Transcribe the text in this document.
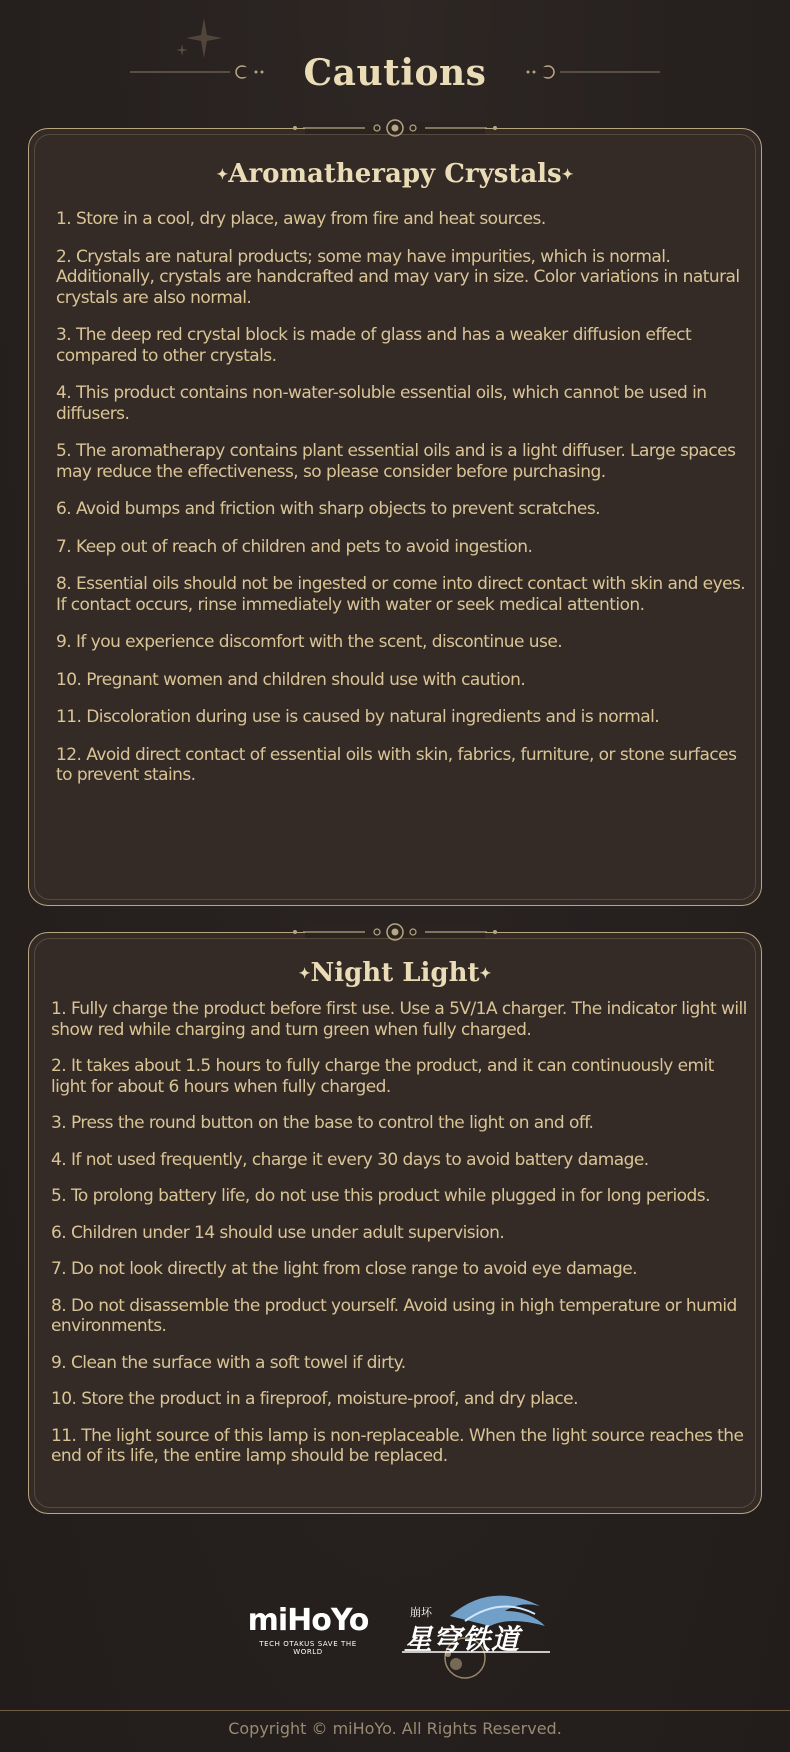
Cautions
✦Aromatherapy Crystals✦
1. Store in a cool, dry place, away from fire and heat sources.
2. Crystals are natural products; some may have impurities, which is normal. Additionally, crystals are handcrafted and may vary in size. Color variations in natural crystals are also normal.
3. The deep red crystal block is made of glass and has a weaker diffusion effect compared to other crystals.
4. This product contains non-water-soluble essential oils, which cannot be used in diffusers.
5. The aromatherapy contains plant essential oils and is a light diffuser. Large spaces may reduce the effectiveness, so please consider before purchasing.
6. Avoid bumps and friction with sharp objects to prevent scratches.
7. Keep out of reach of children and pets to avoid ingestion.
8. Essential oils should not be ingested or come into direct contact with skin and eyes. If contact occurs, rinse immediately with water or seek medical attention.
9. If you experience discomfort with the scent, discontinue use.
10. Pregnant women and children should use with caution.
11. Discoloration during use is caused by natural ingredients and is normal.
12. Avoid direct contact of essential oils with skin, fabrics, furniture, or stone surfaces to prevent stains.
✦Night Light✦
1. Fully charge the product before first use. Use a 5V/1A charger. The indicator light will show red while charging and turn green when fully charged.
2. It takes about 1.5 hours to fully charge the product, and it can continuously emit light for about 6 hours when fully charged.
3. Press the round button on the base to control the light on and off.
4. If not used frequently, charge it every 30 days to avoid battery damage.
5. To prolong battery life, do not use this product while plugged in for long periods.
6. Children under 14 should use under adult supervision.
7. Do not look directly at the light from close range to avoid eye damage.
8. Do not disassemble the product yourself. Avoid using in high temperature or humid environments.
9. Clean the surface with a soft towel if dirty.
10. Store the product in a fireproof, moisture-proof, and dry place.
11. The light source of this lamp is non-replaceable. When the light source reaches the end of its life, the entire lamp should be replaced.
miHoYo
TECH OTAKUS SAVE THE WORLD	星穹铁道
崩坏
Copyright © miHoYo. All Rights Reserved.
